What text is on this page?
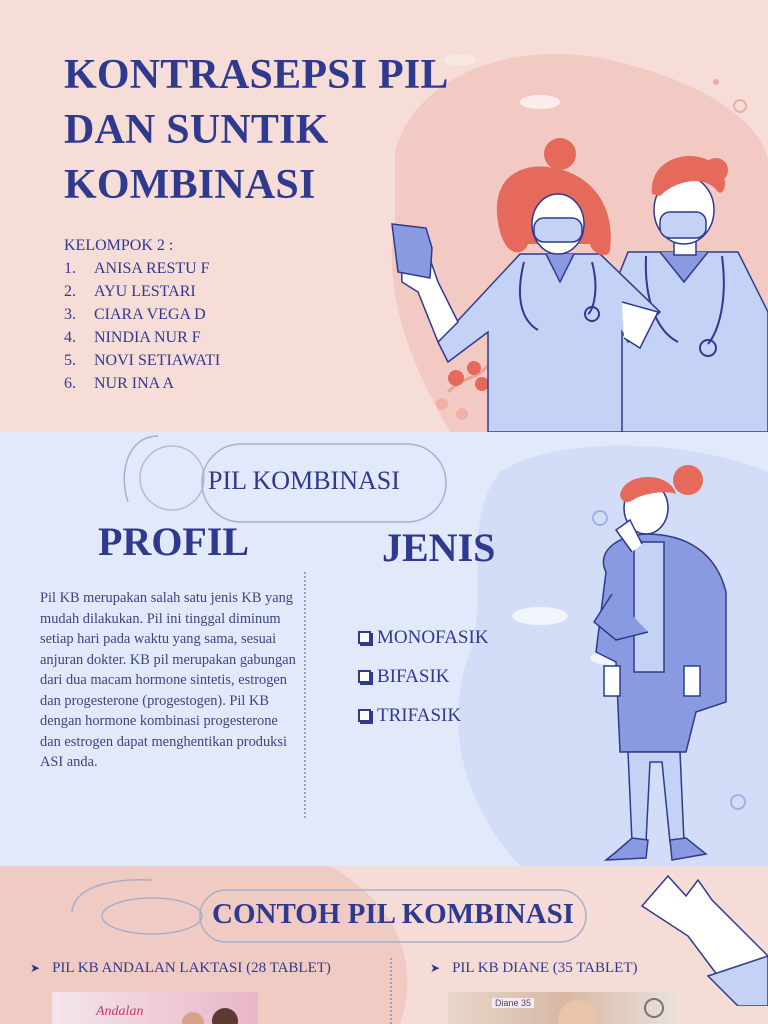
KONTRASEPSI PIL
DAN SUNTIK
KOMBINASI
KELOMPOK 2 :
1.	ANISA RESTU F
2.	AYU LESTARI
3.	CIARA VEGA D
4.	NINDIA NUR F
5.	NOVI SETIAWATI
6.	NUR INA A
PIL KOMBINASI
PROFIL	JENIS

Pil KB merupakan salah satu jenis KB yang mudah dilakukan. Pil ini tinggal diminum setiap hari pada waktu yang sama, sesuai anjuran dokter. KB pil merupakan gabungan dari dua macam hormone sintetis, estrogen dan progesterone (progestogen). Pil KB dengan hormone kombinasi progesterone dan estrogen dapat menghentikan produksi ASI anda.

MONOFASIK
BIFASIK
TRIFASIK
CONTOH PIL KOMBINASI
➤ PIL KB ANDALAN LAKTASI (28 TABLET)	➤ PIL KB DIANE (35 TABLET)
Andalan
Diane 35
